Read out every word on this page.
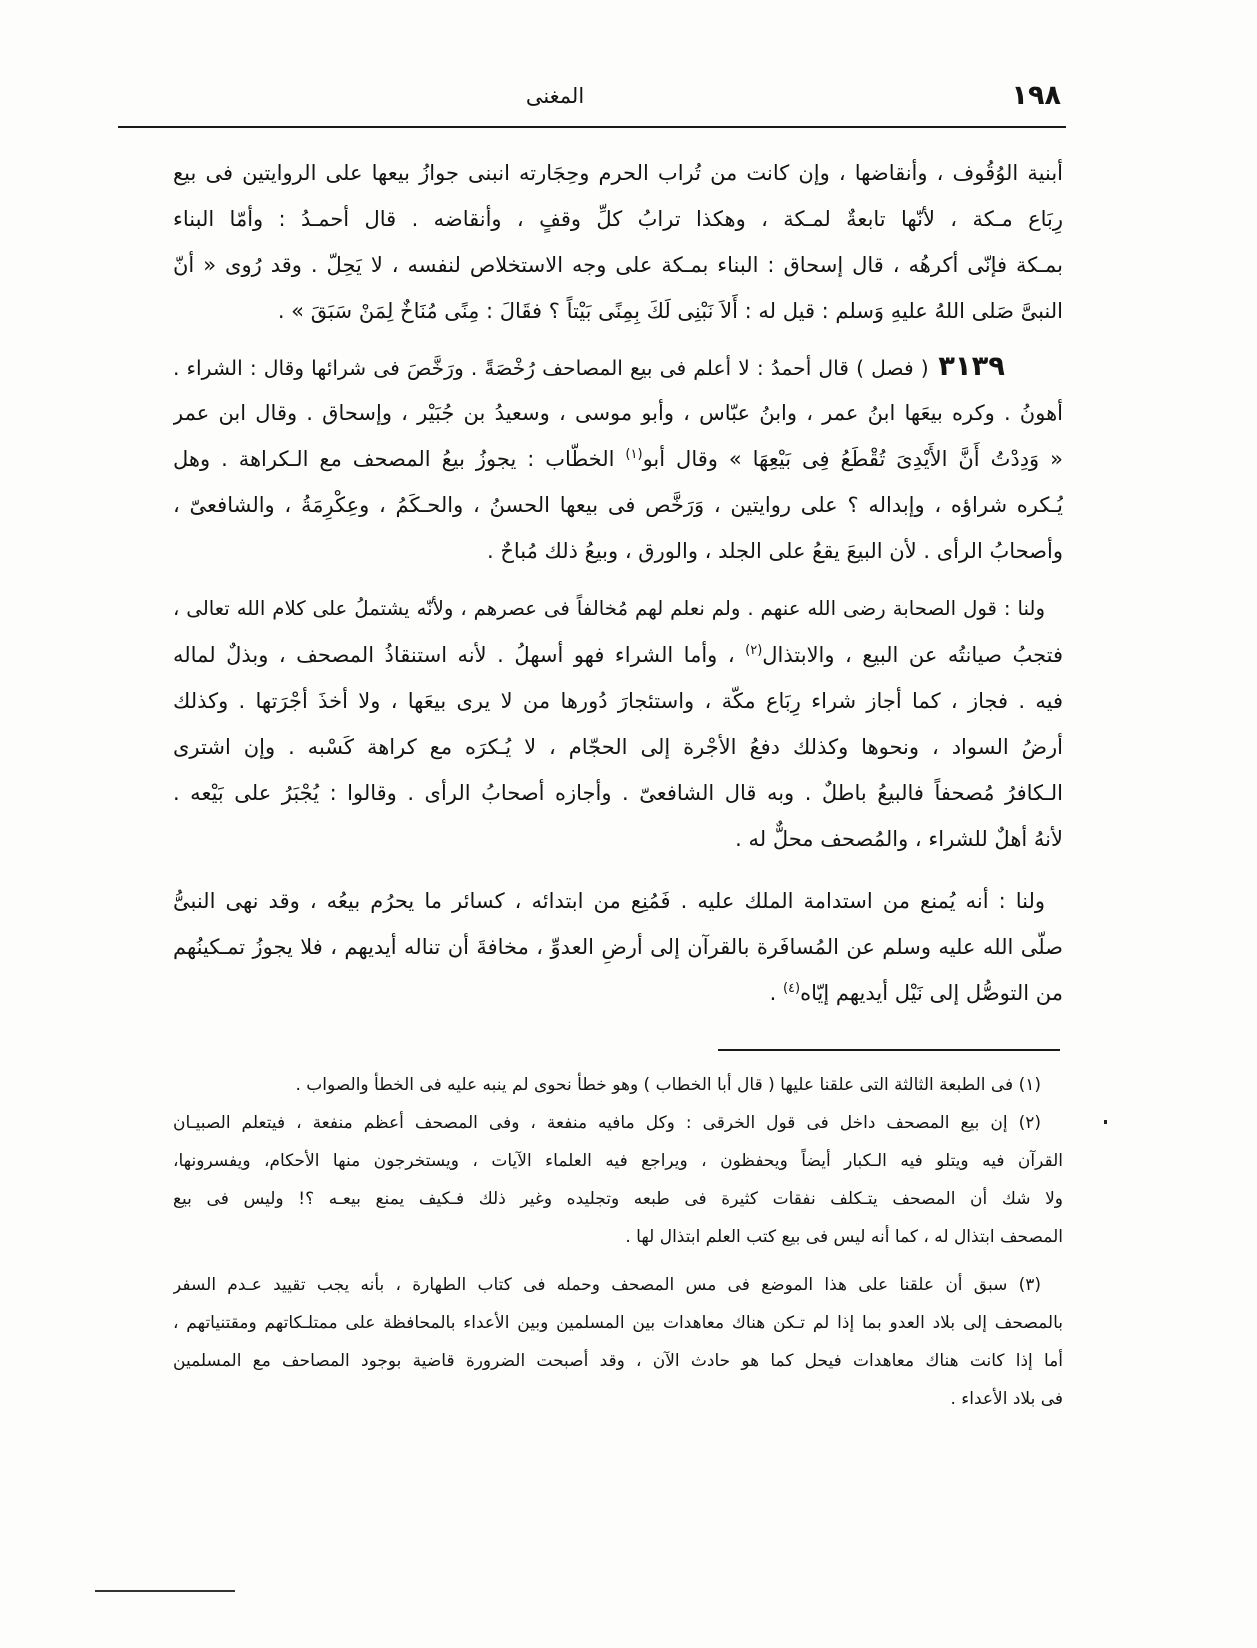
١٩٨
المغنى
أبنية الوُقُوف ، وأنقاضها ، وإن كانت من تُراب الحرم وحِجَارته انبنى جوازُ بيعها على الروايتين فى بيع
رِبَاع مـكة ، لأنّها تابعةٌ لمـكة ، وهكذا ترابُ كلِّ وقفٍ ، وأنقاضه . قال أحمـدُ : وأمّا البناء
بمـكة فإنّى أكرهُه ، قال إسحاق : البناء بمـكة على وجه الاستخلاص لنفسه ، لا يَحِلّ . وقد رُوى « أنّ
النبىَّ صَلى اللهُ عليهِ وَسلم : قيل له : أَلاَ نَبْنِى لَكَ بِمِنًى بَيْتاً ؟ فقَالَ : مِنًى مُنَاخٌ لِمَنْ سَبَقَ » .
٣١٣٩( فصل ) قال أحمدُ : لا أعلم فى بيع المصاحف رُخْصَةً . ورَخَّصَ فى شرائها وقال : الشراء .
أهونُ . وكره بيعَها ابنُ عمر ، وابنُ عبّاس ، وأبو موسى ، وسعيدُ بن جُبَيْر ، وإسحاق . وقال ابن عمر
« وَدِدْتُ أَنَّ الأَيْدِىَ تُقْطَعُ فِى بَيْعِهَا » وقال أبو$^{(١)}$ الخطّاب : يجوزُ بيعُ المصحف مع الـكراهة . وهل
يُـكره شراؤه ، وإبداله ؟ على روايتين ، وَرَخَّص فى بيعها الحسنُ ، والحـكَمُ ، وعِكْرِمَةُ ، والشافعىّ ،
وأصحابُ الرأى . لأن البيعَ يقعُ على الجلد ، والورق ، وبيعُ ذلك مُباحٌ .
ولنا : قول الصحابة رضى الله عنهم . ولم نعلم لهم مُخالفاً فى عصرهم ، ولأنّه يشتملُ على كلام الله تعالى ،
فتجبُ صيانتُه عن البيع ، والابتذال$^{(٢)}$ ، وأما الشراء فهو أسهلُ . لأنه استنقاذُ المصحف ، وبذلٌ لماله
فيه . فجاز ، كما أجاز شراء رِبَاع مكّة ، واستئجارَ دُورها من لا يرى بيعَها ، ولا أخذَ أجْرَتها . وكذلك
أرضُ السواد ، ونحوها وكذلك دفعُ الأجْرة إلى الحجّام ، لا يُـكرَه مع كراهة كَسْبه . وإن اشترى
الـكافرُ مُصحفاً فالبيعُ باطلٌ . وبه قال الشافعىّ . وأجازه أصحابُ الرأى . وقالوا : يُجْبَرُ على بَيْعه .
لأنهُ أهلٌ للشراء ، والمُصحف محلٌّ له .
ولنا : أنه يُمنع من استدامة الملك عليه . فَمُنِع من ابتدائه ، كسائر ما يحرُم بيعُه ، وقد نهى النبىُّ
صلّى الله عليه وسلم عن المُسافَرة بالقرآن إلى أرضِ العدوِّ ، مخافةَ أن تناله أيديهم ، فلا يجوزُ تمـكينُهم
من التوصُّل إلى نَيْل أيديهم إيّاه$^{(٤)}$ .
(١) فى الطبعة الثالثة التى علقنا عليها ( قال أبا الخطاب ) وهو خطأ نحوى لم ينبه عليه فى الخطأ والصواب .
(٢) إن بيع المصحف داخل فى قول الخرقى : وكل مافيه منفعة ، وفى المصحف أعظم منفعة ، فيتعلم الصبيـان
القرآن فيه ويتلو فيه الـكبار أيضاً ويحفظون ، ويراجع فيه العلماء الآيات ، ويستخرجون منها الأحكام، ويفسرونها،
ولا شك أن المصحف يتـكلف نفقات كثيرة فى طبعه وتجليده وغير ذلك فـكيف يمنع بيعـه ؟! وليس فى بيع
المصحف ابتذال له ، كما أنه ليس فى بيع كتب العلم ابتذال لها .
(٣) سبق أن علقنا على هذا الموضع فى مس المصحف وحمله فى كتاب الطهارة ، بأنه يجب تقييد عـدم السفر
بالمصحف إلى بلاد العدو بما إذا لم تـكن هناك معاهدات بين المسلمين وبين الأعداء بالمحافظة على ممتلـكاتهم ومقتنياتهم ،
أما إذا كانت هناك معاهدات فيحل كما هو حادث الآن ، وقد أصبحت الضرورة قاضية بوجود المصاحف مع المسلمين
فى بلاد الأعداء .
